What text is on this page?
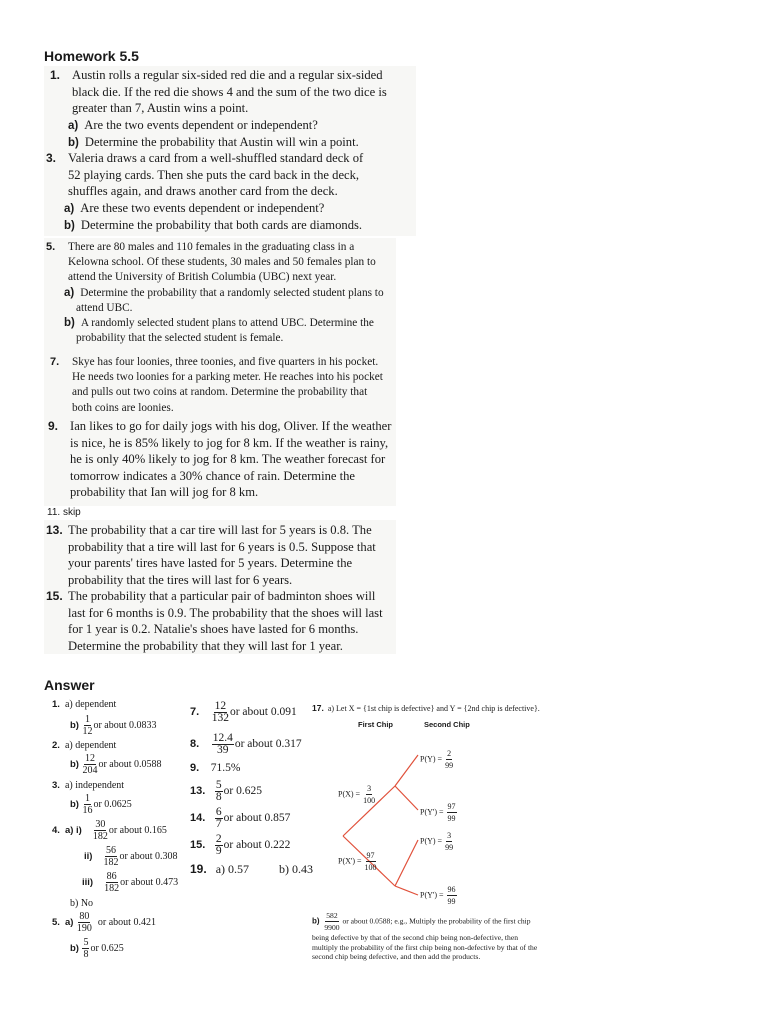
Homework 5.5
1. Austin rolls a regular six-sided red die and a regular six-sided black die. If the red die shows 4 and the sum of the two dice is greater than 7, Austin wins a point.
a) Are the two events dependent or independent?
b) Determine the probability that Austin will win a point.
3. Valeria draws a card from a well-shuffled standard deck of 52 playing cards. Then she puts the card back in the deck, shuffles again, and draws another card from the deck.
a) Are these two events dependent or independent?
b) Determine the probability that both cards are diamonds.
5. There are 80 males and 110 females in the graduating class in a Kelowna school. Of these students, 30 males and 50 females plan to attend the University of British Columbia (UBC) next year.
a) Determine the probability that a randomly selected student plans to attend UBC.
b) A randomly selected student plans to attend UBC. Determine the probability that the selected student is female.
7. Skye has four loonies, three toonies, and five quarters in his pocket. He needs two loonies for a parking meter. He reaches into his pocket and pulls out two coins at random. Determine the probability that both coins are loonies.
9. Ian likes to go for daily jogs with his dog, Oliver. If the weather is nice, he is 85% likely to jog for 8 km. If the weather is rainy, he is only 40% likely to jog for 8 km. The weather forecast for tomorrow indicates a 30% chance of rain. Determine the probability that Ian will jog for 8 km.
11. skip
13. The probability that a car tire will last for 5 years is 0.8. The probability that a tire will last for 6 years is 0.5. Suppose that your parents' tires have lasted for 5 years. Determine the probability that the tires will last for 6 years.
15. The probability that a particular pair of badminton shoes will last for 6 months is 0.9. The probability that the shoes will last for 1 year is 0.2. Natalie's shoes have lasted for 6 months. Determine the probability that they will last for 1 year.
Answer
1. a) dependent
$b) \frac{1}{12}$ or about 0.0833
2. a) dependent
$b) \frac{12}{204}$ or about 0.0588
3. a) independent
$b) \frac{1}{16}$ or 0.0625
4. a) $i) \frac{30}{182}$ or about 0.165
$ii) \frac{56}{182}$ or about 0.308
$iii) \frac{86}{182}$ or about 0.473
b) No
5. $a) \frac{80}{190}$ or about 0.421
$b) \frac{5}{8}$ or 0.625
7. $\frac{12}{132}$ or about 0.091
8. $\frac{12.4}{39}$ or about 0.317
9. 71.5%
13. $\frac{5}{8}$ or 0.625
14. $\frac{6}{7}$ or about 0.857
15. $\frac{2}{9}$ or about 0.222
19. a) 0.57	b) 0.43
17. a) Let X = {1st chip is defective} and Y = {2nd chip is defective}.
First Chip	Second Chip
$P(Y) = \frac{2}{99}$
$P(X) = \frac{3}{100}$
$P(Y') = \frac{97}{99}$
$P(Y) = \frac{3}{99}$
$P(X') = \frac{97}{100}$
$P(Y') = \frac{96}{99}$
$b) \frac{582}{9900}$ or about 0.0588; e.g., Multiply the probability of the first chip being defective by that of the second chip being non-defective, then multiply the probability of the first chip being non-defective by that of the second chip being defective, and then add the products.
